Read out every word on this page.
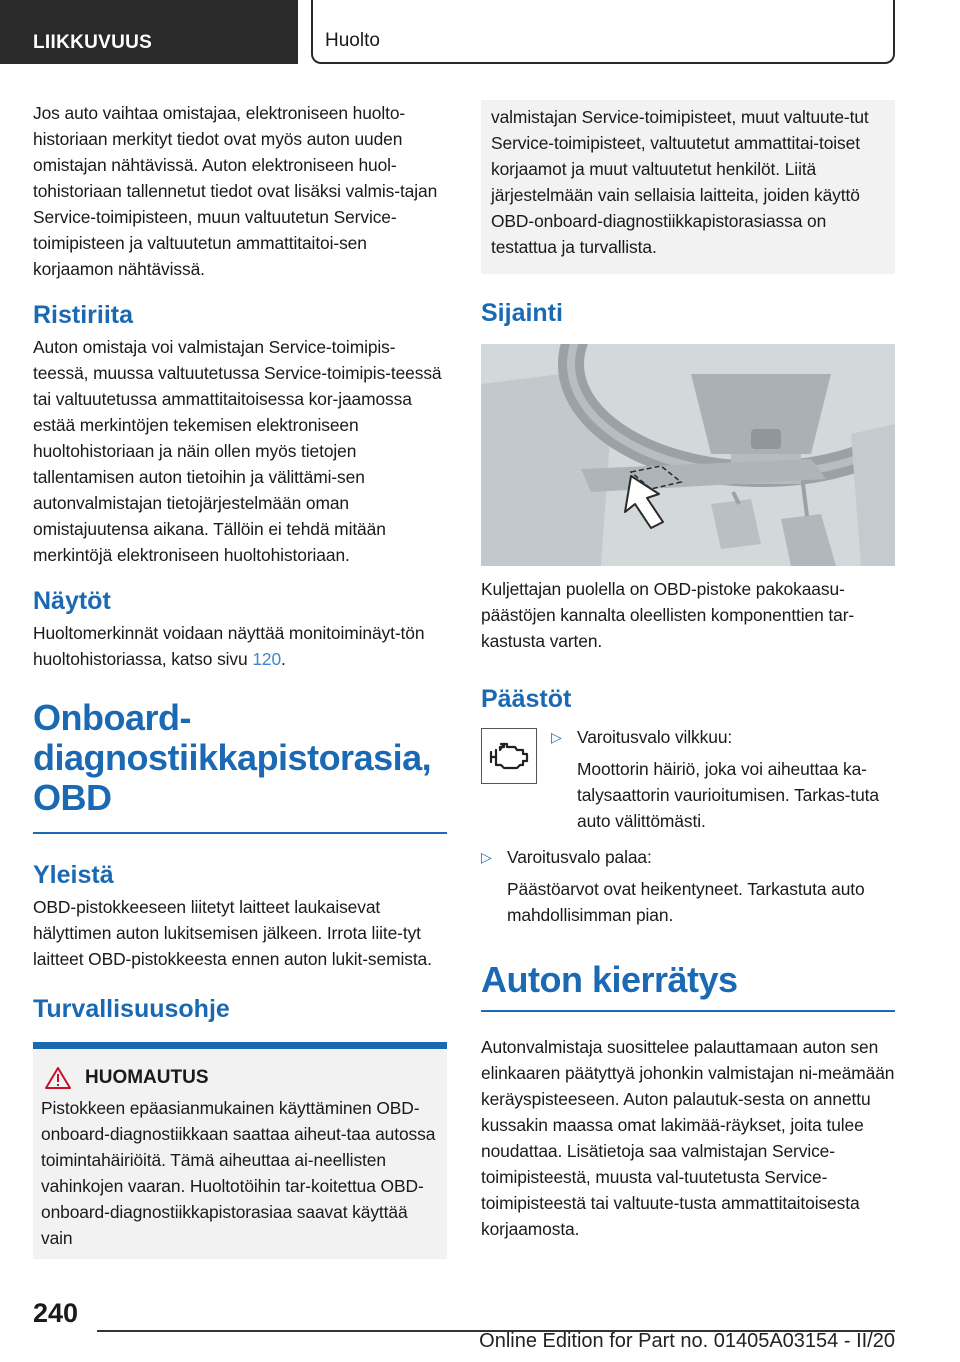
LIIKKUVUUS	Huolto

Jos auto vaihtaa omistajaa, elektroniseen huolto-historiaan merkityt tiedot ovat myös auton uuden omistajan nähtävissä. Auton elektroniseen huol-tohistoriaan tallennetut tiedot ovat lisäksi valmis-tajan Service-toimipisteen, muun valtuutetun Service-toimipisteen ja valtuutetun ammattitaitoi-sen korjaamon nähtävissä.

Ristiriita

Auton omistaja voi valmistajan Service-toimipis-teessä, muussa valtuutetussa Service-toimipis-teessä tai valtuutetussa ammattitaitoisessa kor-jaamossa estää merkintöjen tekemisen elektroniseen huoltohistoriaan ja näin ollen myös tietojen tallentamisen auton tietoihin ja välittämi-sen autonvalmistajan tietojärjestelmään oman omistajuutensa aikana. Tällöin ei tehdä mitään merkintöjä elektroniseen huoltohistoriaan.

Näytöt

Huoltomerkinnät voidaan näyttää monitoiminäyt-tön huoltohistoriassa, katso sivu 120.

Onboard-
diagnostiikkapistorasia,
OBD
Yleistä

OBD-pistokkeeseen liitetyt laitteet laukaisevat hälyttimen auton lukitsemisen jälkeen. Irrota liite-tyt laitteet OBD-pistokkeesta ennen auton lukit-semista.

Turvallisuusohje
HUOMAUTUS

Pistokkeen epäasianmukainen käyttäminen OBD-onboard-diagnostiikkaan saattaa aiheut-taa autossa toimintahäiriöitä. Tämä aiheuttaa ai-neellisten vahinkojen vaaran. Huoltotöihin tar-koitettua OBD-onboard-diagnostiikkapistorasiaa saavat käyttää vain

valmistajan Service-toimipisteet, muut valtuute-tut Service-toimipisteet, valtuutetut ammattitai-toiset korjaamot ja muut valtuutetut henkilöt. Liitä järjestelmään vain sellaisia laitteita, joiden käyttö OBD-onboard-diagnostiikkapistorasiassa on testattua ja turvallista.

Sijainti

Kuljettajan puolella on OBD-pistoke pakokaasu-päästöjen kannalta oleellisten komponenttien tar-kastusta varten.

Päästöt
▷ Varoitusvalo vilkkuu:

Moottorin häiriö, joka voi aiheuttaa ka-talysaattorin vaurioitumisen. Tarkas-tuta auto välittömästi.

▷ Varoitusvalo palaa:

Päästöarvot ovat heikentyneet. Tarkastuta auto mahdollisimman pian.

Auton kierrätys

Autonvalmistaja suosittelee palauttamaan auton sen elinkaaren päätyttyä johonkin valmistajan ni-meämään keräyspisteeseen. Auton palautuk-sesta on annettu kussakin maassa omat lakimää-räykset, joita tulee noudattaa. Lisätietoja saa valmistajan Service-toimipisteestä, muusta val-tuutetusta Service-toimipisteestä tai valtuute-tusta ammattitaitoisesta korjaamosta.

240
Online Edition for Part no. 01405A03154 - II/20
